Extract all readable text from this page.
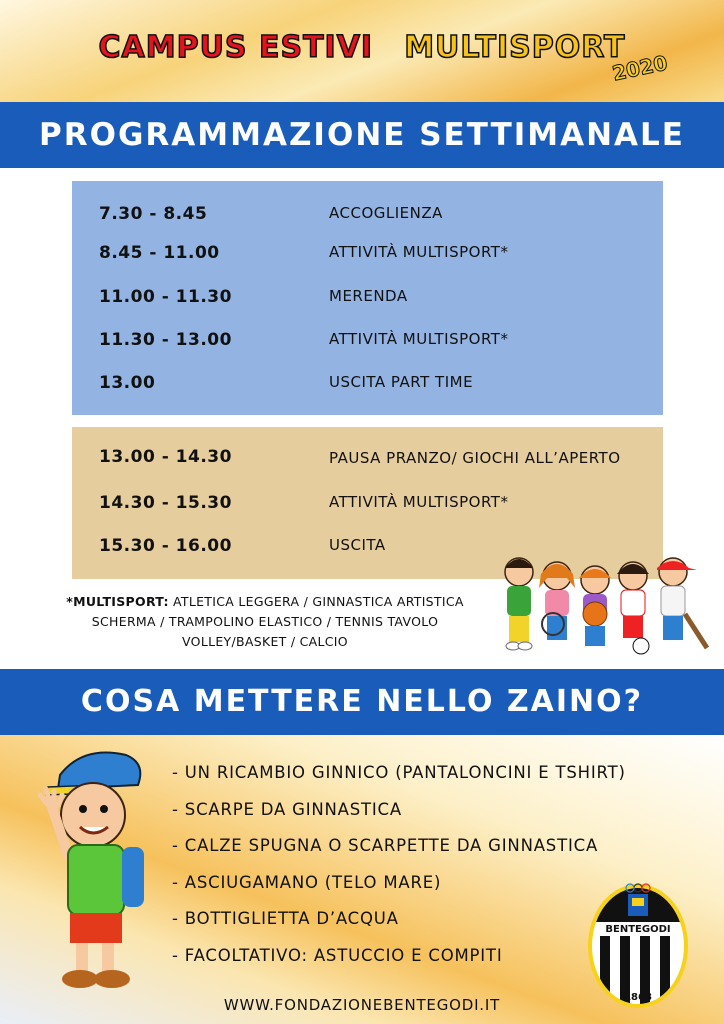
CAMPUS ESTIVI MULTISPORT
2020
PROGRAMMAZIONE SETTIMANALE
7.30 - 8.45	ACCOGLIENZA
8.45 - 11.00	ATTIVITÀ MULTISPORT*
11.00 - 11.30	MERENDA
11.30 - 13.00	ATTIVITÀ MULTISPORT*
13.00	USCITA PART TIME
13.00 - 14.30	PAUSA PRANZO/ GIOCHI ALL’APERTO
14.30 - 15.30	ATTIVITÀ MULTISPORT*
15.30 - 16.00	USCITA
*MULTISPORT: ATLETICA LEGGERA / GINNASTICA ARTISTICA
SCHERMA / TRAMPOLINO ELASTICO / TENNIS TAVOLO
VOLLEY/BASKET / CALCIO
COSA METTERE NELLO ZAINO?
- UN RICAMBIO GINNICO (PANTALONCINI E TSHIRT)
- SCARPE DA GINNASTICA
- CALZE SPUGNA O SCARPETTE DA GINNASTICA
- ASCIUGAMANO (TELO MARE)
- BOTTIGLIETTA D’ACQUA
- FACOLTATIVO: ASTUCCIO E COMPITI
BENTEGODI
1868
WWW.FONDAZIONEBENTEGODI.IT
